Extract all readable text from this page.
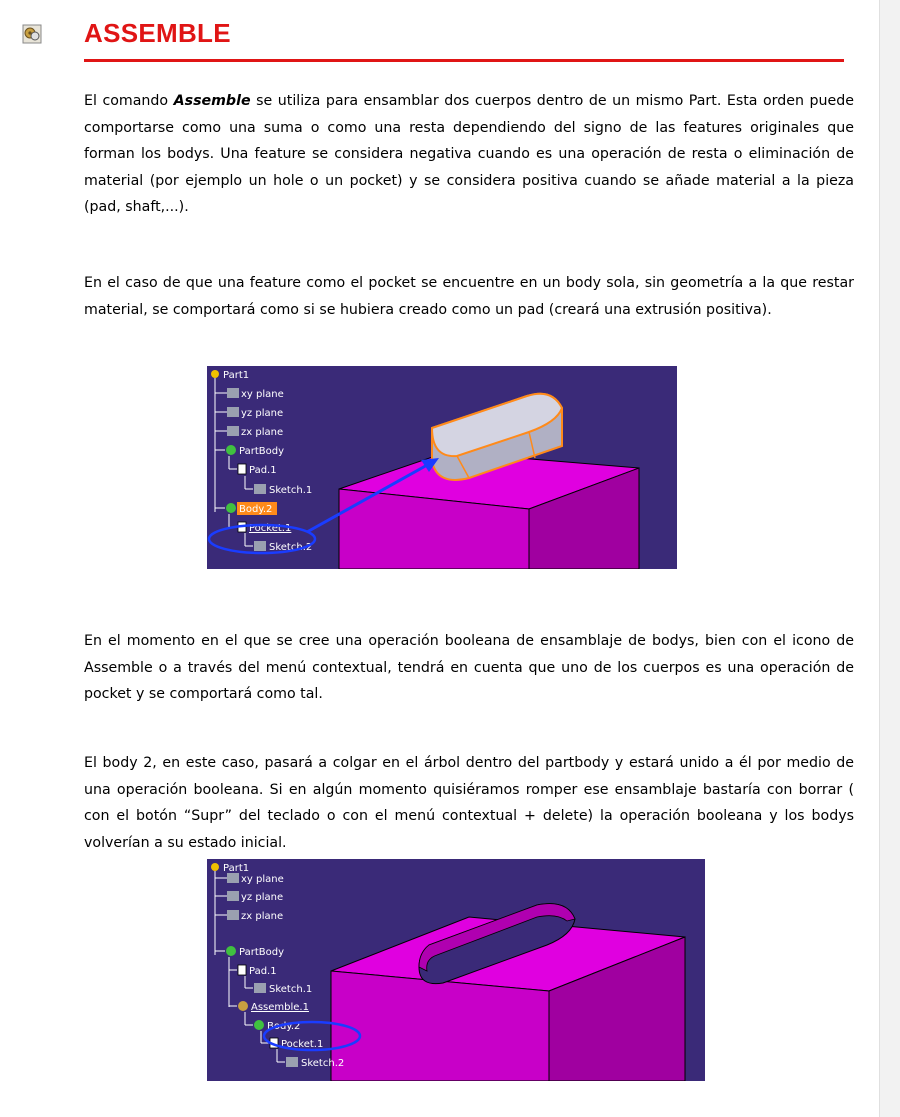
ASSEMBLE

El comando Assemble se utiliza para ensamblar dos cuerpos dentro de un mismo Part. Esta orden puede comportarse como una suma o como una resta dependiendo del signo de las features originales que forman los bodys. Una feature se considera negativa cuando es una operación de resta o eliminación de material (por ejemplo un hole o un pocket) y se considera positiva cuando se añade material a la pieza (pad, shaft,...).

En el caso de que una feature como el pocket se encuentre en un body sola, sin geometría a la que restar material, se comportará como si se hubiera creado como un pad (creará una extrusión positiva).

Part1
xy plane
yz plane
zx plane
PartBody
Pad.1
Sketch.1
Body.2
Pocket.1
Sketch.2

En el momento en el que se cree una operación booleana de ensamblaje de bodys, bien con el icono de Assemble o a través del menú contextual, tendrá en cuenta que uno de los cuerpos es una operación de pocket y se comportará como tal.

El body 2, en este caso, pasará a colgar en el árbol dentro del partbody y estará unido a él por medio de una operación booleana. Si en algún momento quisiéramos romper ese ensamblaje bastaría con borrar ( con el botón “Supr” del teclado o con el menú contextual + delete) la operación booleana y los bodys volverían a su estado inicial.

Part1
xy plane
yz plane
zx plane
PartBody
Pad.1
Sketch.1
Assemble.1
Body.2
Pocket.1
Sketch.2
